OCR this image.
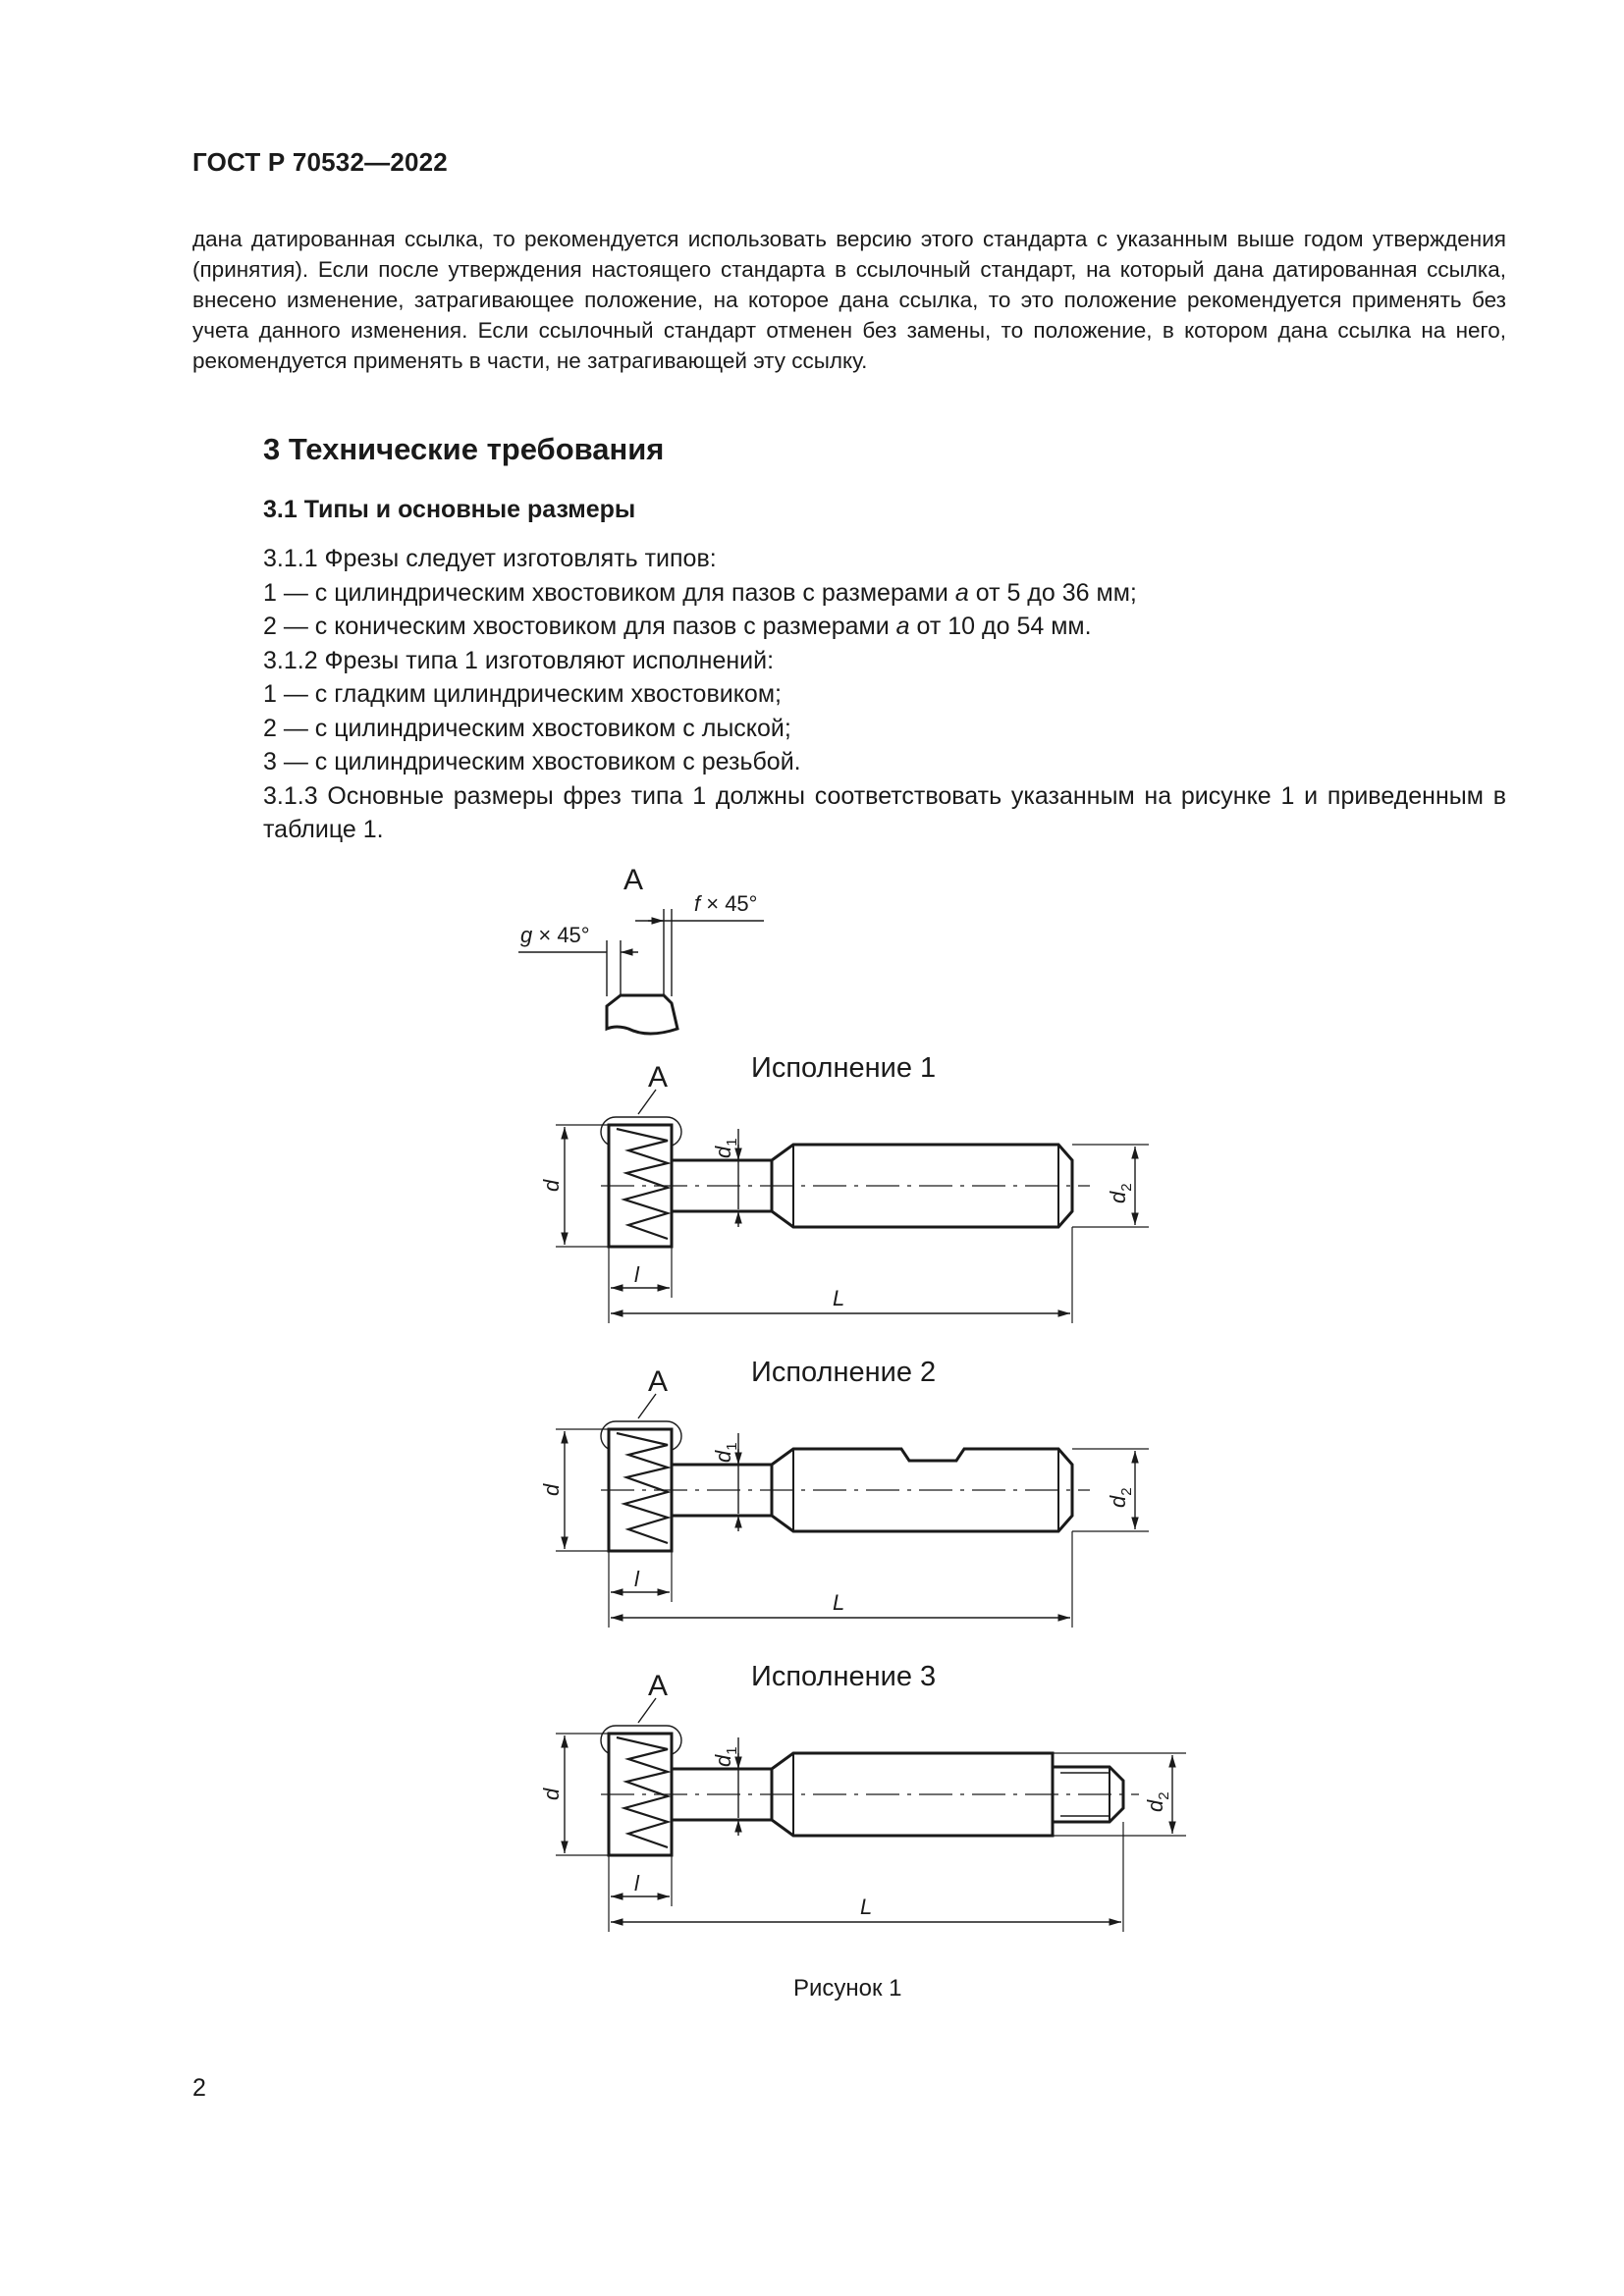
ГОСТ Р 70532—2022

дана датированная ссылка, то рекомендуется использовать версию этого стандарта с указанным выше годом утверждения (принятия). Если после утверждения настоящего стандарта в ссылочный стандарт, на который дана датированная ссылка, внесено изменение, затрагивающее положение, на которое дана ссылка, то это положение рекомендуется применять без учета данного изменения. Если ссылочный стандарт отменен без замены, то положение, в котором дана ссылка на него, рекомендуется применять в части, не затрагивающей эту ссылку.

3 Технические требования
3.1 Типы и основные размеры

3.1.1 Фрезы следует изготовлять типов:

1 — с цилиндрическим хвостовиком для пазов с размерами a от 5 до 36 мм;

2 — с коническим хвостовиком для пазов с размерами a от 10 до 54 мм.

3.1.2 Фрезы типа 1 изготовляют исполнений:

1 — с гладким цилиндрическим хвостовиком;

2 — с цилиндрическим хвостовиком с лыской;

3 — с цилиндрическим хвостовиком с резьбой.

3.1.3 Основные размеры фрез типа 1 должны соответствовать указанным на рисунке 1 и приведенным в таблице 1.

A
f × 45°
g × 45°
Исполнение 1
A
d
$d_1$
$d_2$
l
L
Исполнение 2
A
d
$d_1$
$d_2$
l
L
Исполнение 3
A
d
$d_1$
$d_2$
l
L
Рисунок 1
2
